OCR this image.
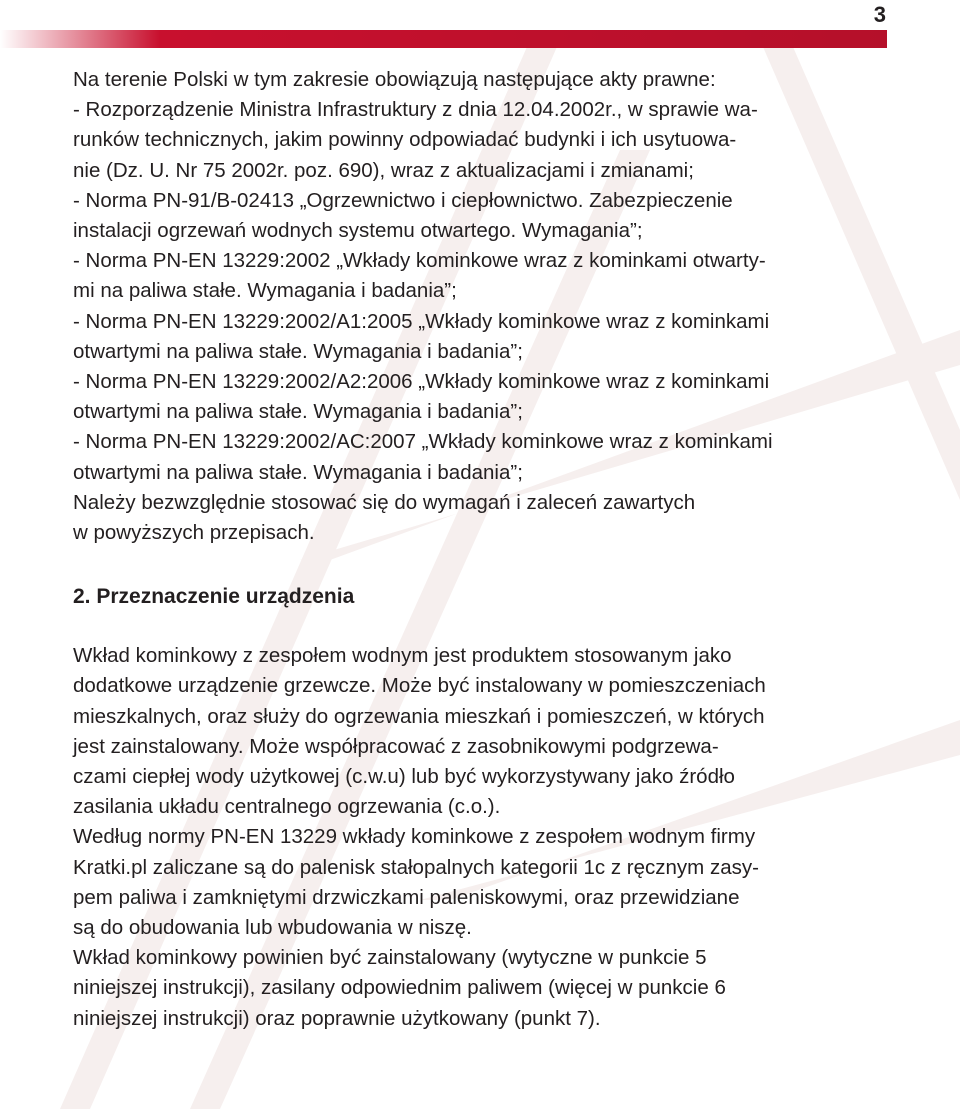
3

Na terenie Polski w tym zakresie obowiązują następujące akty prawne:

- Rozporządzenie Ministra Infrastruktury z dnia 12.04.2002r., w sprawie wa-
runków technicznych, jakim powinny odpowiadać budynki i ich usytuowa-
nie (Dz. U. Nr 75 2002r. poz. 690), wraz z aktualizacjami i zmianami;

- Norma PN-91/B-02413 „Ogrzewnictwo i ciepłownictwo. Zabezpieczenie
instalacji ogrzewań wodnych systemu otwartego. Wymagania”;

- Norma PN-EN 13229:2002 „Wkłady kominkowe wraz z kominkami otwarty-
mi na paliwa stałe. Wymagania i badania”;

- Norma PN-EN 13229:2002/A1:2005 „Wkłady kominkowe wraz z kominkami
otwartymi na paliwa stałe. Wymagania i badania”;

- Norma PN-EN 13229:2002/A2:2006 „Wkłady kominkowe wraz z kominkami
otwartymi na paliwa stałe. Wymagania i badania”;

- Norma PN-EN 13229:2002/AC:2007 „Wkłady kominkowe wraz z kominkami
otwartymi na paliwa stałe. Wymagania i badania”;

Należy bezwzględnie stosować się do wymagań i zaleceń zawartych
w powyższych przepisach.

2. Przeznaczenie urządzenia

Wkład kominkowy z zespołem wodnym jest produktem stosowanym jako
dodatkowe urządzenie grzewcze. Może być instalowany w pomieszczeniach
mieszkalnych, oraz służy do ogrzewania mieszkań i pomieszczeń, w których
jest zainstalowany. Może współpracować z zasobnikowymi podgrzewa-
czami ciepłej wody użytkowej (c.w.u) lub być wykorzystywany jako źródło
zasilania układu centralnego ogrzewania (c.o.).

Według normy PN-EN 13229 wkłady kominkowe z zespołem wodnym firmy
Kratki.pl zaliczane są do palenisk stałopalnych kategorii 1c z ręcznym zasy-
pem paliwa i zamkniętymi drzwiczkami paleniskowymi, oraz przewidziane
są do obudowania lub wbudowania w niszę.

Wkład kominkowy powinien być zainstalowany (wytyczne w punkcie 5
niniejszej instrukcji), zasilany odpowiednim paliwem (więcej w punkcie 6
niniejszej instrukcji) oraz poprawnie użytkowany (punkt 7).
